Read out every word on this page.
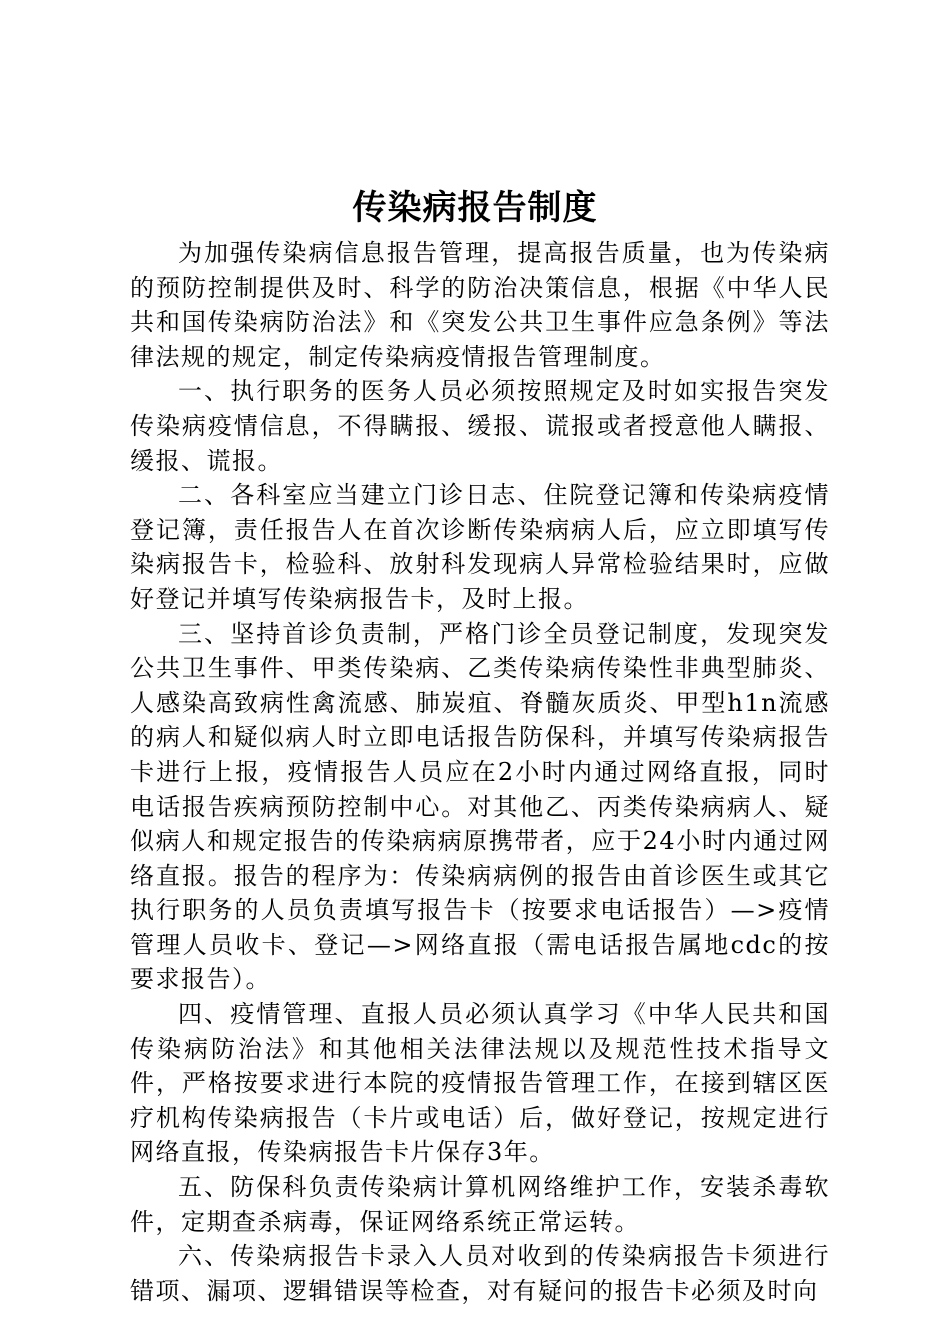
传染病报告制度

为加强传染病信息报告管理，提高报告质量，也为传染病的预防控制提供及时、科学的防治决策信息，根据《中华人民共和国传染病防治法》和《突发公共卫生事件应急条例》等法律法规的规定，制定传染病疫情报告管理制度。

一、执行职务的医务人员必须按照规定及时如实报告突发传染病疫情信息，不得瞒报、缓报、谎报或者授意他人瞒报、缓报、谎报。

二、各科室应当建立门诊日志、住院登记簿和传染病疫情登记簿，责任报告人在首次诊断传染病病人后，应立即填写传染病报告卡，检验科、放射科发现病人异常检验结果时，应做好登记并填写传染病报告卡，及时上报。

三、坚持首诊负责制，严格门诊全员登记制度，发现突发公共卫生事件、甲类传染病、乙类传染病传染性非典型肺炎、人感染高致病性禽流感、肺炭疽、脊髓灰质炎、甲型h1n流感的病人和疑似病人时立即电话报告防保科，并填写传染病报告卡进行上报，疫情报告人员应在2小时内通过网络直报，同时电话报告疾病预防控制中心。对其他乙、丙类传染病病人、疑似病人和规定报告的传染病病原携带者，应于24小时内通过网络直报。报告的程序为：传染病病例的报告由首诊医生或其它执行职务的人员负责填写报告卡（按要求电话报告）—>疫情管理人员收卡、登记—>网络直报（需电话报告属地cdc的按要求报告）。

四、疫情管理、直报人员必须认真学习《中华人民共和国传染病防治法》和其他相关法律法规以及规范性技术指导文件，严格按要求进行本院的疫情报告管理工作，在接到辖区医疗机构传染病报告（卡片或电话）后，做好登记，按规定进行网络直报，传染病报告卡片保存3年。

五、防保科负责传染病计算机网络维护工作，安装杀毒软件，定期查杀病毒，保证网络系统正常运转。

六、传染病报告卡录入人员对收到的传染病报告卡须进行错项、漏项、逻辑错误等检查，对有疑问的报告卡必须及时向
